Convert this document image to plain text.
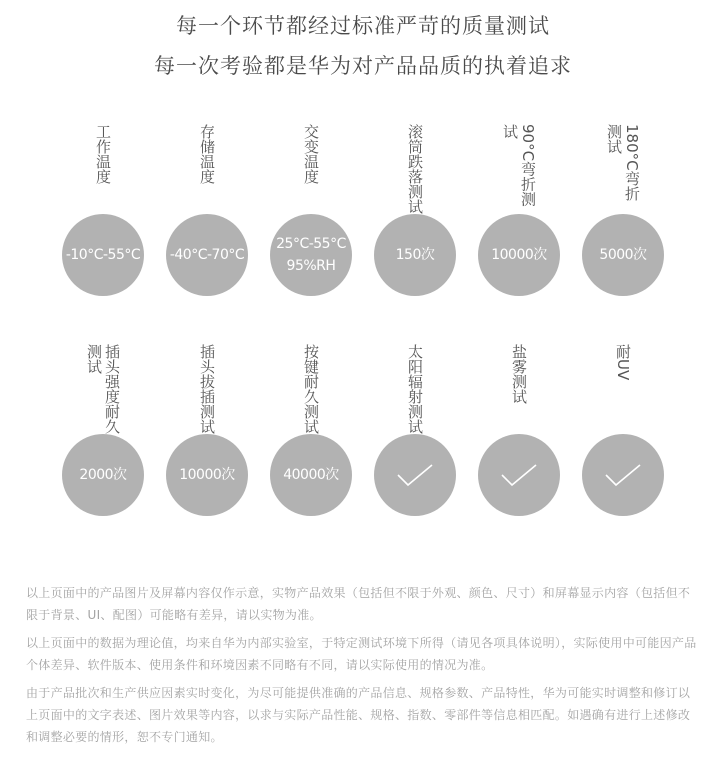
每一个环节都经过标准严苛的质量测试
每一次考验都是华为对产品品质的执着追求
工作温度
-10°C-55°C
存储温度
-40°C-70°C
交变温度
25°C-55°C
95%RH
滚筒跌落测试
150次
90°C弯折测试
10000次
180°C弯折测试
5000次
插头强度耐久测试
2000次
插头拔插测试
10000次
按键耐久测试
40000次
太阳辐射测试	盐雾测试	耐UV

以上页面中的产品图片及屏幕内容仅作示意，实物产品效果（包括但不限于外观、颜色、尺寸）和屏幕显示内容（包括但不限于背景、UI、配图）可能略有差异，请以实物为准。

以上页面中的数据为理论值，均来自华为内部实验室，于特定测试环境下所得（请见各项具体说明），实际使用中可能因产品个体差异、软件版本、使用条件和环境因素不同略有不同，请以实际使用的情况为准。

由于产品批次和生产供应因素实时变化，为尽可能提供准确的产品信息、规格参数、产品特性，华为可能实时调整和修订以上页面中的文字表述、图片效果等内容，以求与实际产品性能、规格、指数、零部件等信息相匹配。如遇确有进行上述修改和调整必要的情形，恕不专门通知。
